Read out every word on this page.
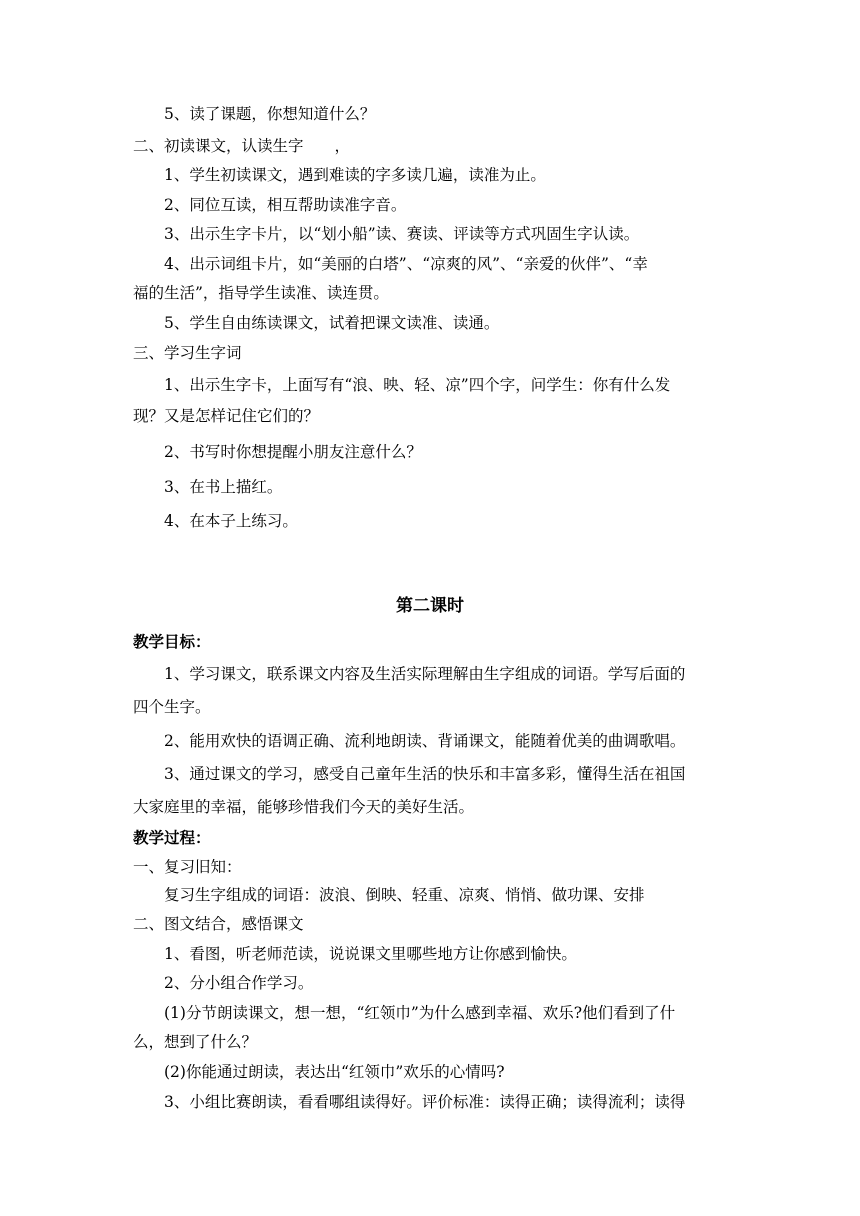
5、读了课题，你想知道什么？
二、初读课文，认读生字　　，
1、学生初读课文，遇到难读的字多读几遍，读准为止。
2、同位互读，相互帮助读准字音。
3、出示生字卡片，以“划小船”读、赛读、评读等方式巩固生字认读。
4、出示词组卡片，如“美丽的白塔”、“凉爽的风”、“亲爱的伙伴”、“幸
福的生活”，指导学生读准、读连贯。
5、学生自由练读课文，试着把课文读准、读通。
三、学习生字词
1、出示生字卡，上面写有“浪、映、轻、凉”四个字，问学生：你有什么发
现？又是怎样记住它们的？
2、书写时你想提醒小朋友注意什么？
3、在书上描红。
4、在本子上练习。
第二课时
教学目标：
1、学习课文，联系课文内容及生活实际理解由生字组成的词语。学写后面的
四个生字。
2、能用欢快的语调正确、流利地朗读、背诵课文，能随着优美的曲调歌唱。
3、通过课文的学习，感受自己童年生活的快乐和丰富多彩，懂得生活在祖国
大家庭里的幸福，能够珍惜我们今天的美好生活。
教学过程：
一、复习旧知：
复习生字组成的词语：波浪、倒映、轻重、凉爽、悄悄、做功课、安排
二、图文结合，感悟课文
1、看图，听老师范读，说说课文里哪些地方让你感到愉快。
2、分小组合作学习。
(1)分节朗读课文，想一想，“红领巾”为什么感到幸福、欢乐?他们看到了什
么，想到了什么？
(2)你能通过朗读，表达出“红领巾”欢乐的心情吗?
3、小组比赛朗读，看看哪组读得好。评价标准：读得正确；读得流利；读得
